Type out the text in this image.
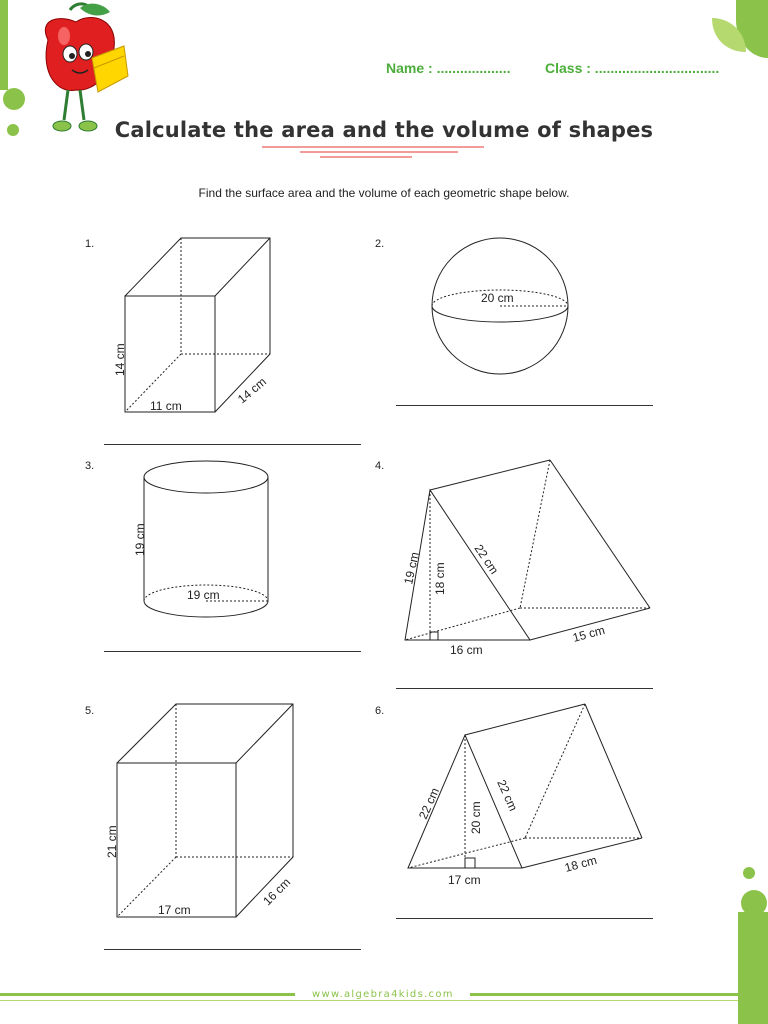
Name : ................... Class : ................................
Calculate the area and the volume of shapes
Find the surface area and the volume of each geometric shape below.
1.	2.
3.	4.
5.	6.
14 cm
11 cm	14 cm
20 cm
19 cm
19 cm
19 cm 18 cm
22 cm
16 cm
15 cm
21 cm
17 cm
16 cm
22 cm 20 cm
22 cm
17 cm
18 cm
www.algebra4kids.com
